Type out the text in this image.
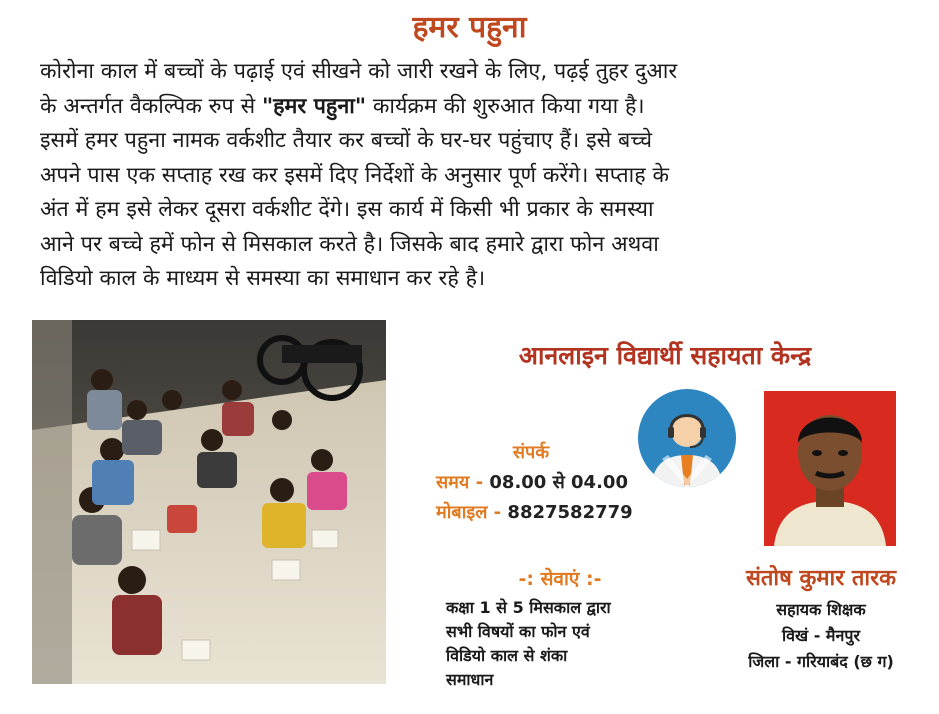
हमर पहुना

कोरोना काल में बच्चों के पढ़ाई एवं सीखने को जारी रखने के लिए, पढ़ई तुहर दुआर

के अन्तर्गत वैकल्पिक रुप से "हमर पहुना" कार्यक्रम की शुरुआत किया गया है।

इसमें हमर पहुना नामक वर्कशीट तैयार कर बच्चों के घर-घर पहुंचाए हैं। इसे बच्चे

अपने पास एक सप्ताह रख कर इसमें दिए निर्देशों के अनुसार पूर्ण करेंगे। सप्ताह के

अंत में हम इसे लेकर दूसरा वर्कशीट देंगे। इस कार्य में किसी भी प्रकार के समस्या

आने पर बच्चे हमें फोन से मिसकाल करते है। जिसके बाद हमारे द्वारा फोन अथवा

विडियो काल के माध्यम से समस्या का समाधान कर रहे है।

आनलाइन विद्यार्थी सहायता केन्द्र
संपर्क
समय - 08.00 से 04.00
मोबाइल - 8827582779
-: सेवाएं :-
कक्षा 1 से 5 मिसकाल द्वारा
सभी विषयों का फोन एवं
विडियो काल से शंका
समाधान
संतोष कुमार तारक
सहायक शिक्षक
विखं - मैनपुर
जिला - गरियाबंद (छ ग)
